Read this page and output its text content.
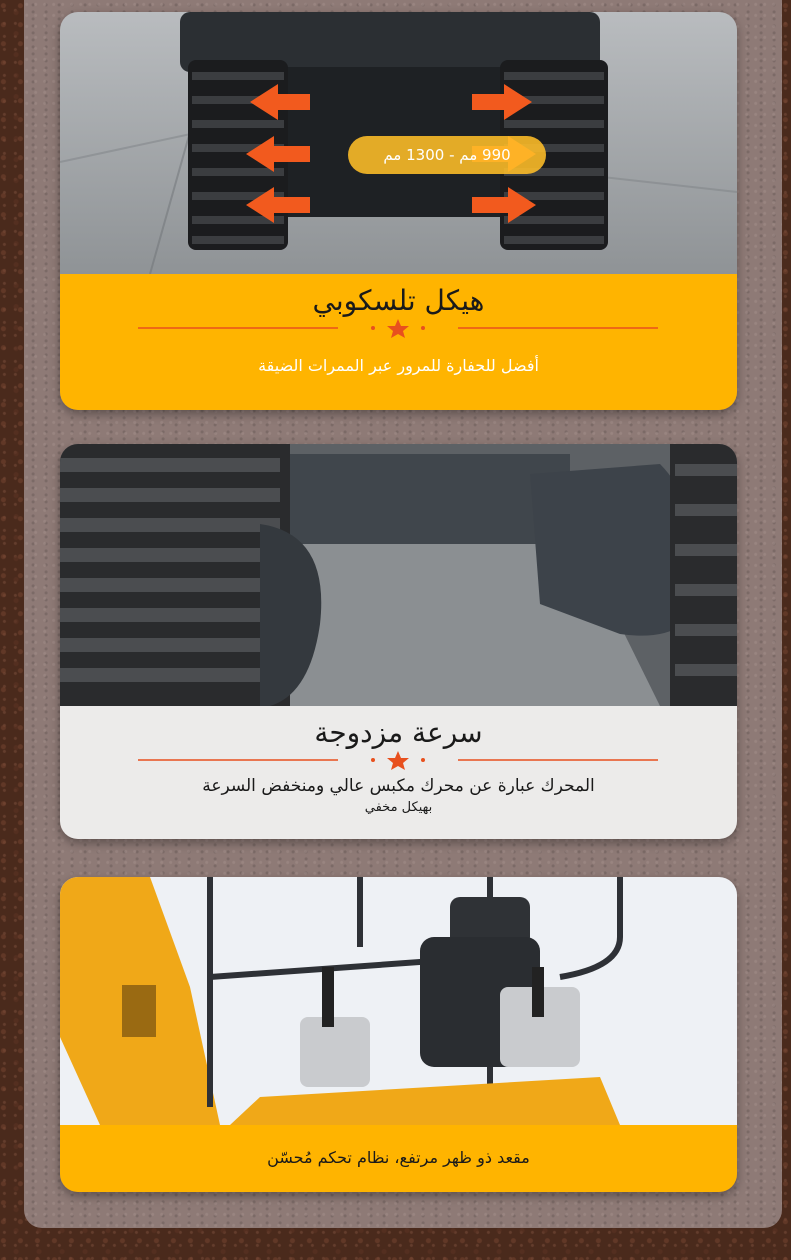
990 مم - 1300 مم
هيكل تلسكوبي
أفضل للحفارة للمرور عبر الممرات الضيقة
سرعة مزدوجة
المحرك عبارة عن محرك مكبس عالي ومنخفض السرعة
بهيكل مخفي
مقعد ذو ظهر مرتفع، نظام تحكم مُحسّن
